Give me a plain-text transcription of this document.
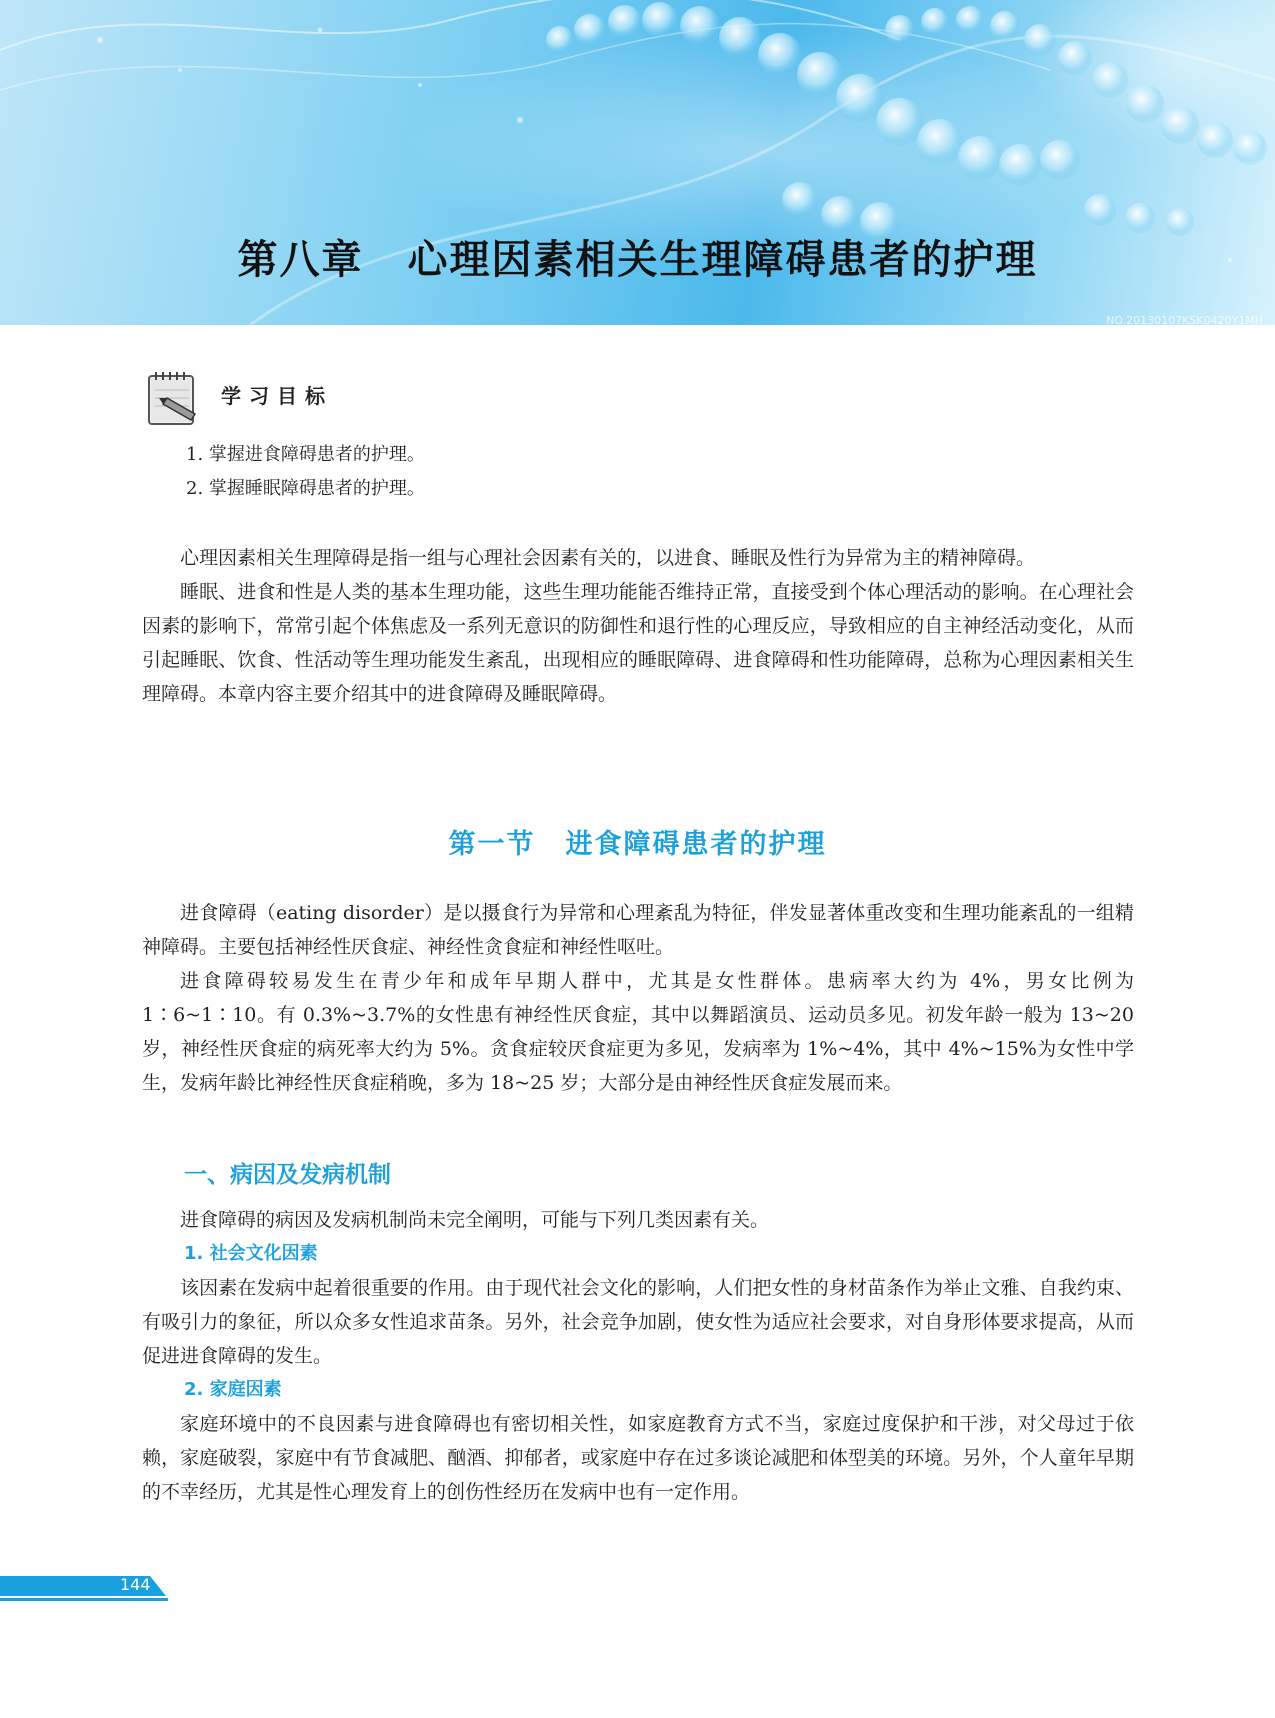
第八章 心理因素相关生理障碍患者的护理
NO.20130107KSK0420Y1MH
学习目标
1. 掌握进食障碍患者的护理。
2. 掌握睡眠障碍患者的护理。

心理因素相关生理障碍是指一组与心理社会因素有关的，以进食、睡眠及性行为异常为主的精神障碍。

睡眠、进食和性是人类的基本生理功能，这些生理功能能否维持正常，直接受到个体心理活动的影响。在心理社会因素的影响下，常常引起个体焦虑及一系列无意识的防御性和退行性的心理反应，导致相应的自主神经活动变化，从而引起睡眠、饮食、性活动等生理功能发生紊乱，出现相应的睡眠障碍、进食障碍和性功能障碍，总称为心理因素相关生理障碍。本章内容主要介绍其中的进食障碍及睡眠障碍。

第一节 进食障碍患者的护理

进食障碍（eating disorder）是以摄食行为异常和心理紊乱为特征，伴发显著体重改变和生理功能紊乱的一组精神障碍。主要包括神经性厌食症、神经性贪食症和神经性呕吐。

进食障碍较易发生在青少年和成年早期人群中，尤其是女性群体。患病率大约为 4%，男女比例为 1∶6~1∶10。有 0.3%~3.7%的女性患有神经性厌食症，其中以舞蹈演员、运动员多见。初发年龄一般为 13~20 岁，神经性厌食症的病死率大约为 5%。贪食症较厌食症更为多见，发病率为 1%~4%，其中 4%~15%为女性中学生，发病年龄比神经性厌食症稍晚，多为 18~25 岁；大部分是由神经性厌食症发展而来。

一、病因及发病机制

进食障碍的病因及发病机制尚未完全阐明，可能与下列几类因素有关。

1. 社会文化因素

该因素在发病中起着很重要的作用。由于现代社会文化的影响，人们把女性的身材苗条作为举止文雅、自我约束、有吸引力的象征，所以众多女性追求苗条。另外，社会竞争加剧，使女性为适应社会要求，对自身形体要求提高，从而促进进食障碍的发生。

2. 家庭因素

家庭环境中的不良因素与进食障碍也有密切相关性，如家庭教育方式不当，家庭过度保护和干涉，对父母过于依赖，家庭破裂，家庭中有节食减肥、酗酒、抑郁者，或家庭中存在过多谈论减肥和体型美的环境。另外，个人童年早期的不幸经历，尤其是性心理发育上的创伤性经历在发病中也有一定作用。

144
